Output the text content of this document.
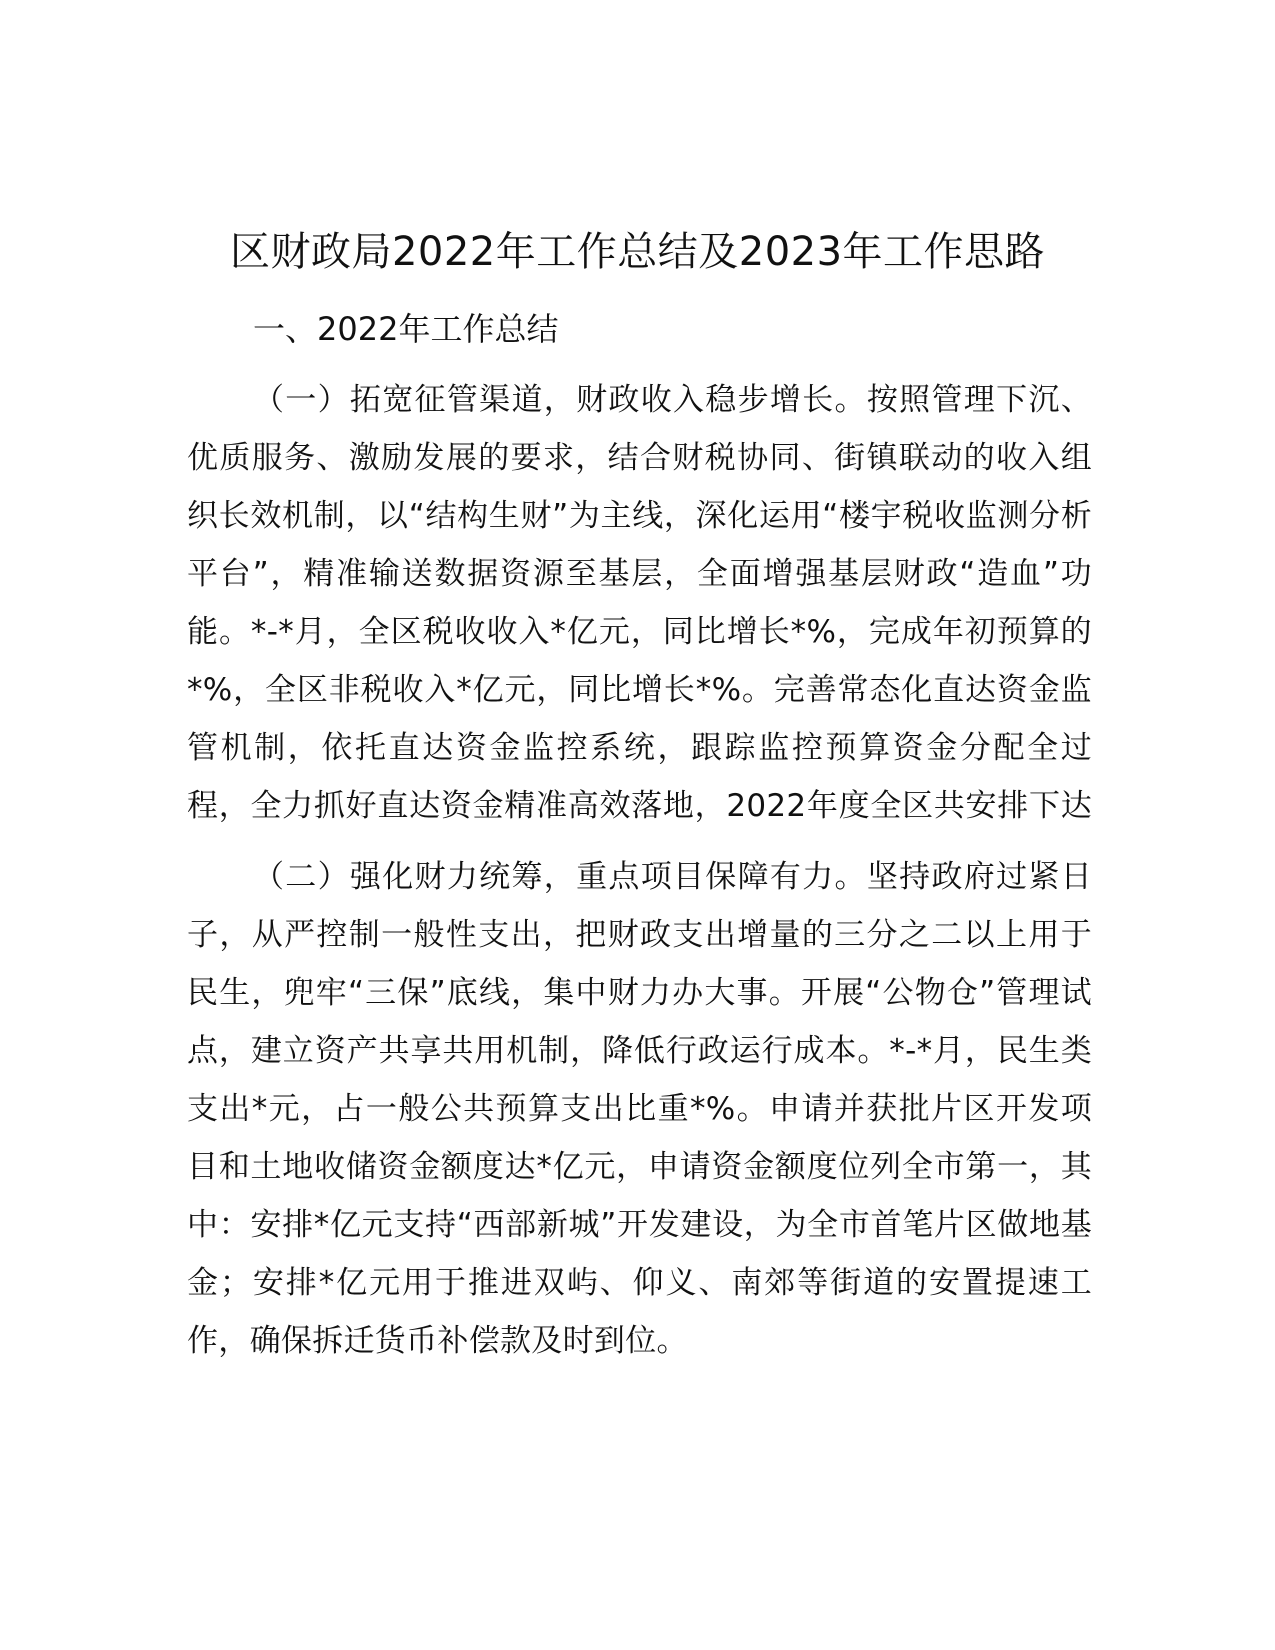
区财政局2022年工作总结及2023年工作思路
一、2022年工作总结

（一）拓宽征管渠道，财政收入稳步增长。按照管理下沉、优质服务、激励发展的要求，结合财税协同、街镇联动的收入组织长效机制，以“结构生财”为主线，深化运用“楼宇税收监测分析平台”，精准输送数据资源至基层，全面增强基层财政“造血”功能。*-*月，全区税收收入*亿元，同比增长*%，完成年初预算的*%，全区非税收入*亿元，同比增长*%。完善常态化直达资金监管机制，依托直达资金监控系统，跟踪监控预算资金分配全过程，全力抓好直达资金精准高效落地，2022年度全区共安排下达

（二）强化财力统筹，重点项目保障有力。坚持政府过紧日子，从严控制一般性支出，把财政支出增量的三分之二以上用于民生，兜牢“三保”底线，集中财力办大事。开展“公物仓”管理试点，建立资产共享共用机制，降低行政运行成本。*-*月，民生类支出*元，占一般公共预算支出比重*%。申请并获批片区开发项目和土地收储资金额度达*亿元，申请资金额度位列全市第一，其中：安排*亿元支持“西部新城”开发建设，为全市首笔片区做地基金；安排*亿元用于推进双屿、仰义、南郊等街道的安置提速工作，确保拆迁货币补偿款及时到位。
